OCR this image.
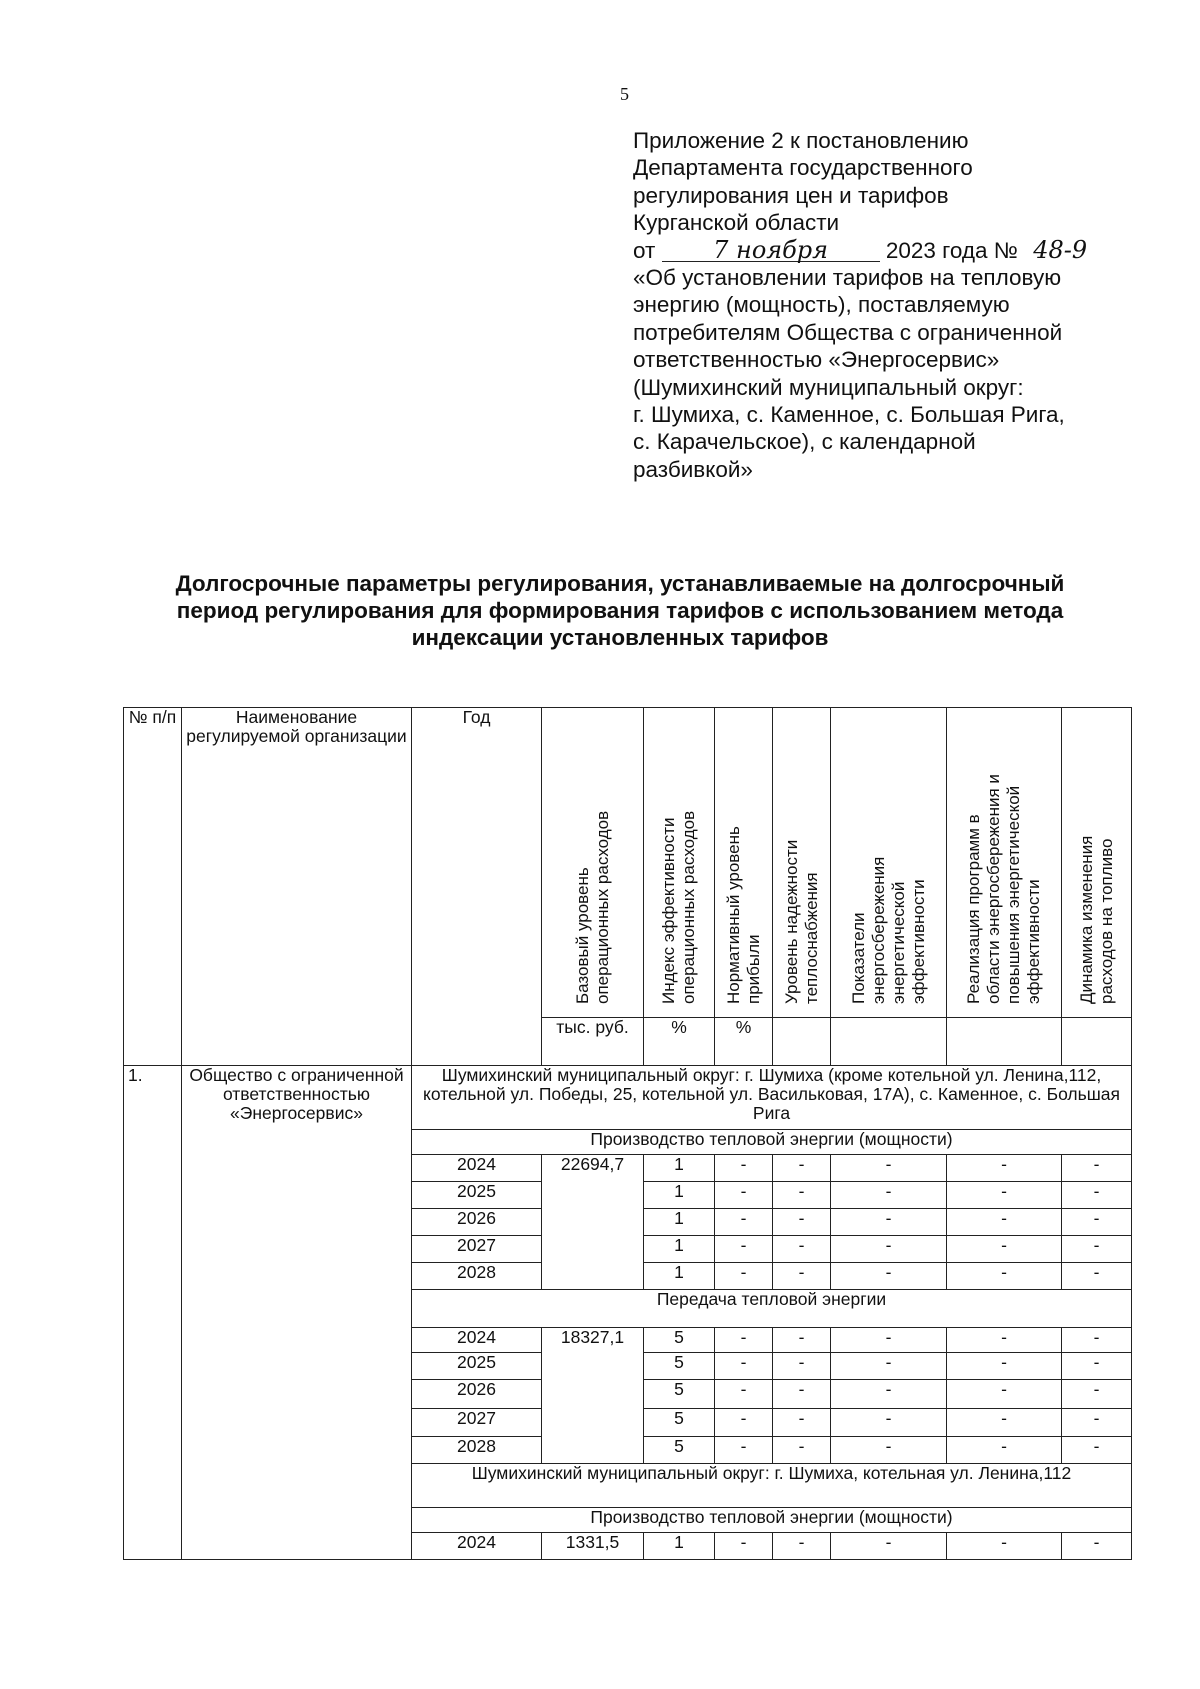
5
Приложение 2 к постановлению
Департамента государственного
регулирования цен и тарифов
Курганской области
от 7 ноября	2023 года № 48-9
«Об установлении тарифов на тепловую
энергию (мощность), поставляемую
потребителям Общества с ограниченной
ответственностью «Энергосервис»
(Шумихинский муниципальный округ:
г. Шумиха, с. Каменное, с. Большая Рига,
с. Карачельское), с календарной
разбивкой»
Долгосрочные параметры регулирования, устанавливаемые на долгосрочный
период регулирования для формирования тарифов с использованием метода
индексации установленных тарифов
№ п/п	Наименование регулируемой организации	Год	Базовый уровень операционных расходов	Индекс эффективности операционных расходов	Нормативный уровень прибыли	Уровень надежности теплоснабжения	Показатели энергосбережения энергетической эффективности	Реализация программ в области энергосбережения и повышения энергетической эффективности	Динамика изменения расходов на топливо

			тыс. руб.	%	%				
1.	Общество с ограниченной ответственностью «Энергосервис»	Шумихинский муниципальный округ: г. Шумиха (кроме котельной ул. Ленина,112, котельной ул. Победы, 25, котельной ул. Васильковая, 17А), с. Каменное, с. Большая Рига							
		Производство тепловой энергии (мощности)							
		2024	22694,7	1	-	-	-	-	-
		2025		1	-	-	-	-	-
		2026		1	-	-	-	-	-
		2027		1	-	-	-	-	-
		2028		1	-	-	-	-	-
		Передача тепловой энергии							
		2024	18327,1	5	-	-	-	-	-
		2025		5	-	-	-	-	-
		2026		5	-	-	-	-	-
		2027		5	-	-	-	-	-
		2028		5	-	-	-	-	-
		Шумихинский муниципальный округ: г. Шумиха, котельная ул. Ленина,112							
		Производство тепловой энергии (мощности)							
		2024	1331,5	1	-	-	-	-	-
